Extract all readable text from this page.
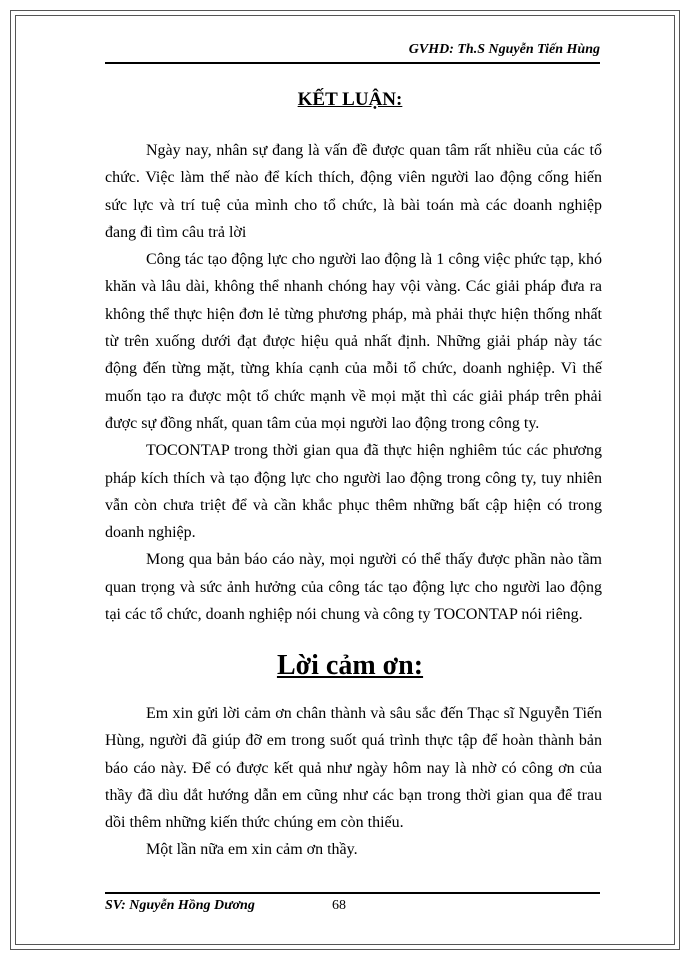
GVHD: Th.S Nguyễn Tiến Hùng
KẾT LUẬN:

Ngày nay, nhân sự đang là vấn đề được quan tâm rất nhiều của các tổ chức. Việc làm thế nào để kích thích, động viên người lao động cống hiến sức lực và trí tuệ của mình cho tổ chức, là bài toán mà các doanh nghiệp đang đi tìm câu trả lời

Công tác tạo động lực cho người lao động là 1 công việc phức tạp, khó khăn và lâu dài, không thể nhanh chóng hay vội vàng. Các giải pháp đưa ra không thể thực hiện đơn lẻ từng phương pháp, mà phải thực hiện thống nhất từ trên xuống dưới đạt được hiệu quả nhất định. Những giải pháp này tác động đến từng mặt, từng khía cạnh của mỗi tổ chức, doanh nghiệp. Vì thế muốn tạo ra được một tổ chức mạnh về mọi mặt thì các giải pháp trên phải được sự đồng nhất, quan tâm của mọi người lao động trong công ty.

TOCONTAP trong thời gian qua đã thực hiện nghiêm túc các phương pháp kích thích và tạo động lực cho người lao động trong công ty, tuy nhiên vẫn còn chưa triệt để và cần khắc phục thêm những bất cập hiện có trong doanh nghiệp.

Mong qua bản báo cáo này, mọi người có thể thấy được phần nào tầm quan trọng và sức ảnh hưởng của công tác tạo động lực cho người lao động tại các tổ chức, doanh nghiệp nói chung và công ty TOCONTAP nói riêng.

Lời cảm ơn:

Em xin gửi lời cảm ơn chân thành và sâu sắc đến Thạc sĩ Nguyễn Tiến Hùng, người đã giúp đỡ em trong suốt quá trình thực tập để hoàn thành bản báo cáo này. Để có được kết quả như ngày hôm nay là nhờ có công ơn của thầy đã dìu dắt hướng dẫn em cũng như các bạn trong thời gian qua để trau dồi thêm những kiến thức chúng em còn thiếu.

Một lần nữa em xin cảm ơn thầy.

SV: Nguyễn Hồng Dương	68
